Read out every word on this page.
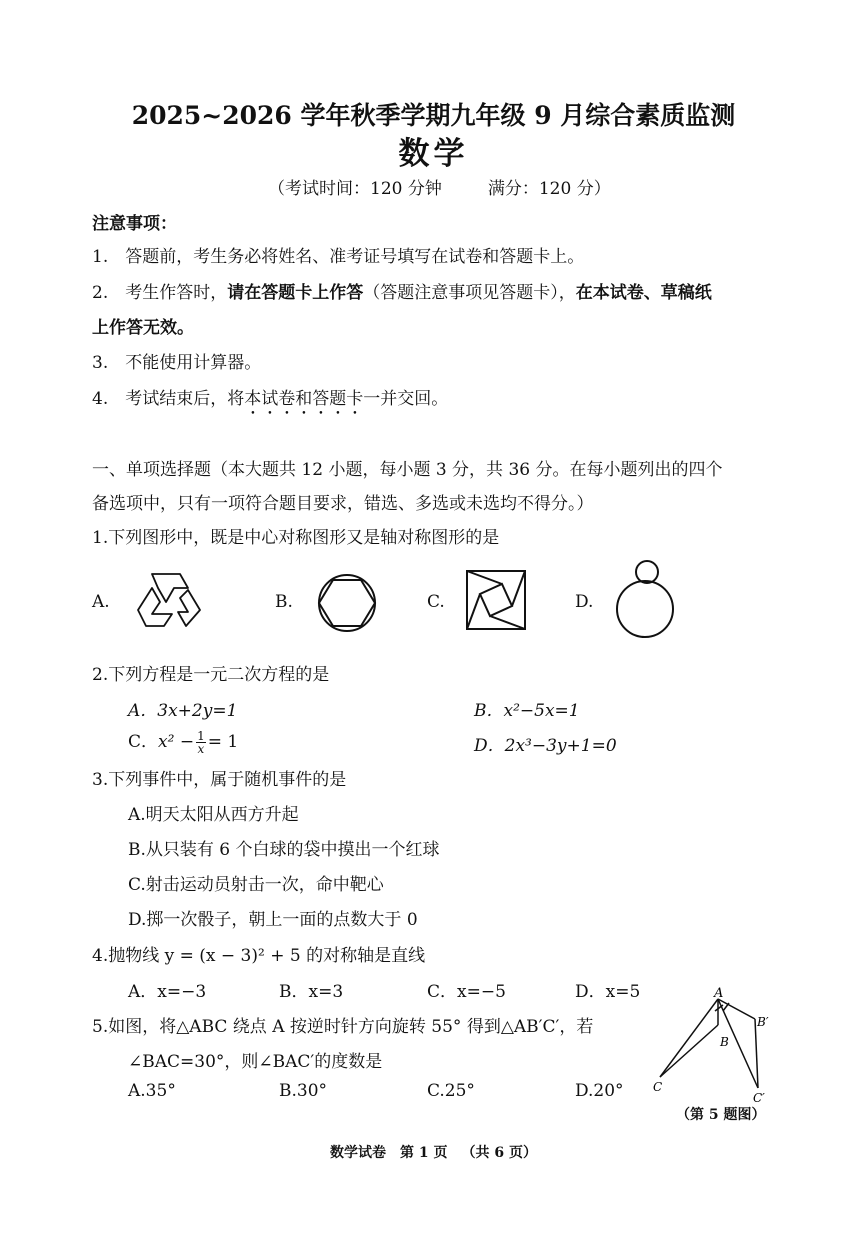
2025~2026 学年秋季学期九年级 9 月综合素质监测
数学
（考试时间：120 分钟	满分：120 分）
注意事项：
1.　答题前，考生务必将姓名、准考证号填写在试卷和答题卡上。
2.　考生作答时，请在答题卡上作答（答题注意事项见答题卡），在本试卷、草稿纸
上作答无效。
3.　不能使用计算器。
4.　考试结束后，将本试卷和答题卡一并交回。
一、单项选择题（本大题共 12 小题，每小题 3 分，共 36 分。在每小题列出的四个
备选项中，只有一项符合题目要求，错选、多选或未选均不得分。）
1.下列图形中，既是中心对称图形又是轴对称图形的是
A.	B.	C.	D.
2.下列方程是一元二次方程的是
A．3x+2y=1	B．x²−5x=1
C．$x^2 - \frac{1}{x} = 1$	D．2x³−3y+1=0
3.下列事件中，属于随机事件的是
A.明天太阳从西方升起
B.从只装有 6 个白球的袋中摸出一个红球
C.射击运动员射击一次，命中靶心
D.掷一次骰子，朝上一面的点数大于 0
4.抛物线 y = (x − 3)² + 5 的对称轴是直线
A．x=−3	B．x=3	C．x=−5	D．x=5
5.如图，将△ABC 绕点 A 按逆时针方向旋转 55° 得到△AB′C′，若
∠BAC=30°，则∠BAC′的度数是
A.35°	B.30°	C.25°	D.20°
A
B
B′
C
C′
（第 5 题图）
数学试卷 第 1 页 （共 6 页）
